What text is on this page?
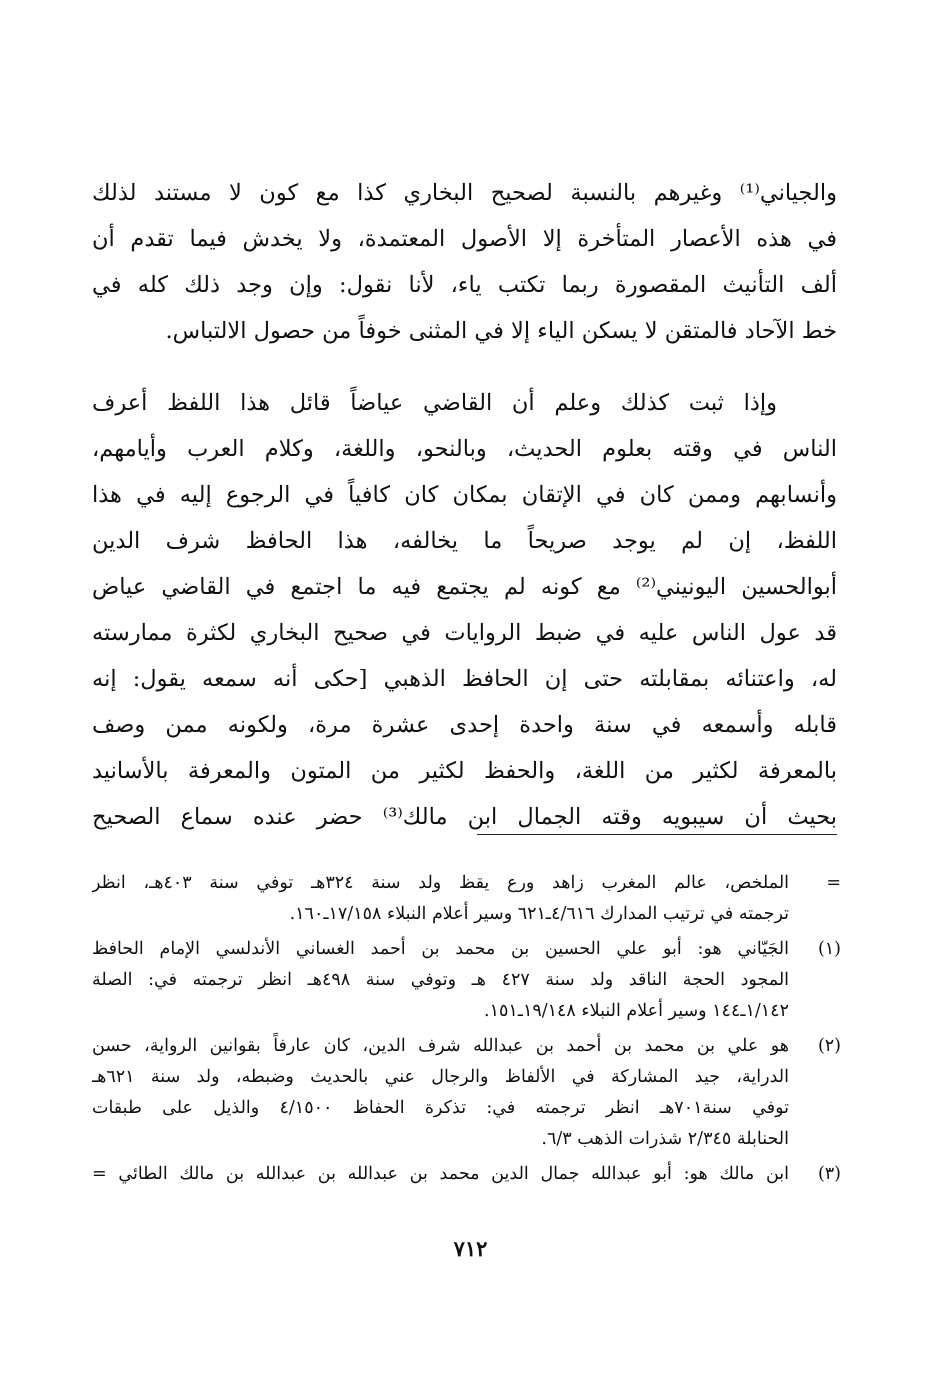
والجياني⁽¹⁾ وغيرهم بالنسبة لصحيح البخاري كذا مع كون لا مستند لذلك
في هذه الأعصار المتأخرة إلا الأصول المعتمدة، ولا يخدش فيما تقدم أن
ألف التأنيث المقصورة ربما تكتب ياء، لأنا نقول: وإن وجد ذلك كله في
خط الآحاد فالمتقن لا يسكن الياء إلا في المثنى خوفاً من حصول الالتباس.
وإذا ثبت كذلك وعلم أن القاضي عياضاً قائل هذا اللفظ أعرف
الناس في وقته بعلوم الحديث، وبالنحو، واللغة، وكلام العرب وأيامهم،
وأنسابهم وممن كان في الإتقان بمكان كان كافياً في الرجوع إليه في هذا
اللفظ، إن لم يوجد صريحاً ما يخالفه، هذا الحافظ شرف الدين
أبوالحسين اليونيني⁽²⁾ مع كونه لم يجتمع فيه ما اجتمع في القاضي عياض
قد عول الناس عليه في ضبط الروايات في صحيح البخاري لكثرة ممارسته
له، واعتنائه بمقابلته حتى إن الحافظ الذهبي [حكى أنه سمعه يقول: إنه
قابله وأسمعه في سنة واحدة إحدى عشرة مرة، ولكونه ممن وصف
بالمعرفة لكثير من اللغة، والحفظ لكثير من المتون والمعرفة بالأسانيد
بحيث أن سيبويه وقته الجمال ابن مالك⁽³⁾ حضر عنده سماع الصحيح
=
الملخص، عالم المغرب زاهد ورع يقظ ولد سنة ٣٢٤هـ توفي سنة ٤٠٣هـ، انظر
ترجمته في ترتيب المدارك ٤/٦١٦ـ٦٢١ وسير أعلام النبلاء ١٧/١٥٨ـ١٦٠.
(١)
الجَيّاني هو: أبو علي الحسين بن محمد بن أحمد الغساني الأندلسي الإمام الحافظ
المجود الحجة الناقد ولد سنة ٤٢٧ هـ وتوفي سنة ٤٩٨هـ انظر ترجمته في: الصلة
١/١٤٢ـ١٤٤ وسير أعلام النبلاء ١٩/١٤٨ـ١٥١.
(٢)
هو علي بن محمد بن أحمد بن عبدالله شرف الدين، كان عارفاً بقوانين الرواية، حسن
الدراية، جيد المشاركة في الألفاظ والرجال عني بالحديث وضبطه، ولد سنة ٦٢١هـ
توفي سنة٧٠١هـ انظر ترجمته في: تذكرة الحفاظ ٤/١٥٠٠ والذيل على طبقات
الحنابلة ٢/٣٤٥ شذرات الذهب ٦/٣.
(٣)
ابن مالك هو: أبو عبدالله جمال الدين محمد بن عبدالله بن عبدالله بن مالك الطائي =
٧١٢
